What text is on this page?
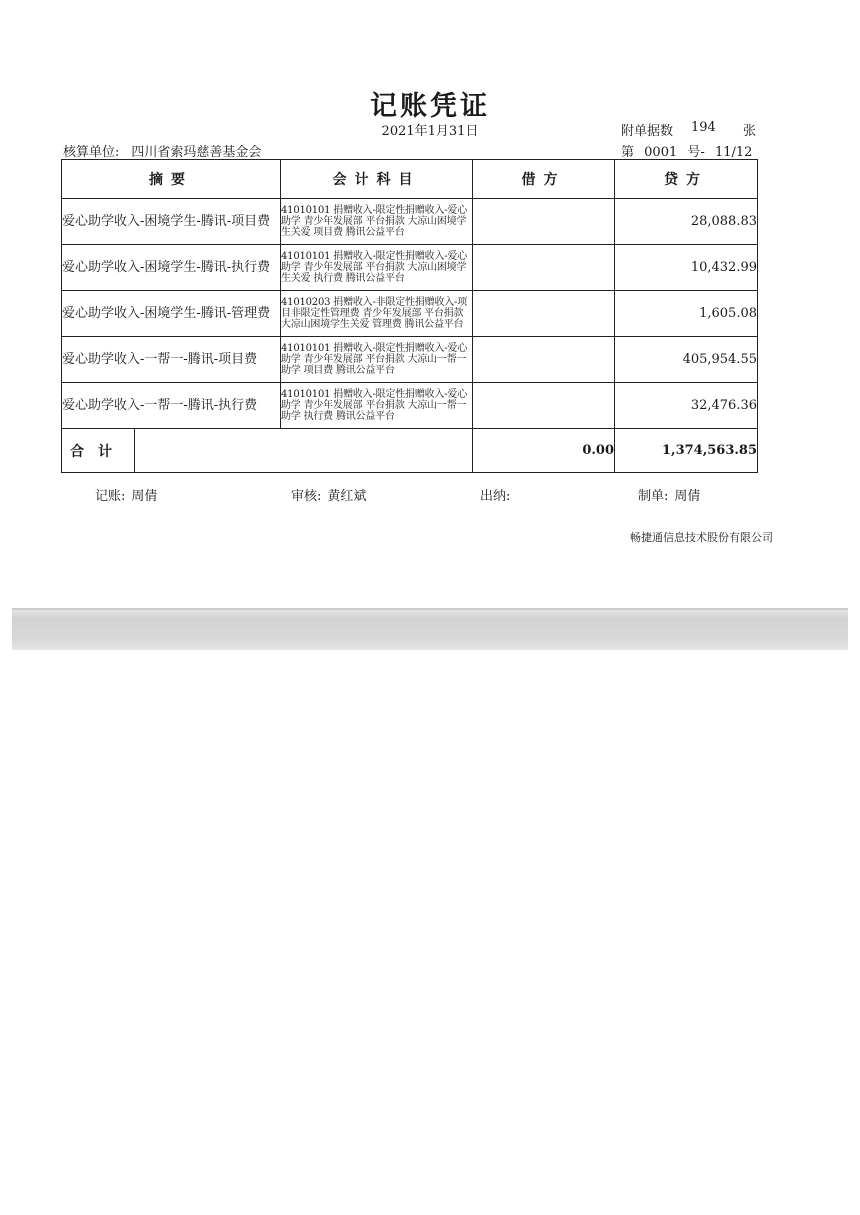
记账凭证
2021年1月31日	附单据数 194 张
核算单位: 四川省索玛慈善基金会	第 0001 号- 11/12
摘要	会计科目	借方	贷方
爱心助学收入-困境学生-腾讯-项目费	41010101 捐赠收入-限定性捐赠收入-爱心助学 青少年发展部 平台捐款 大凉山困境学生关爱 项目费 腾讯公益平台		28,088.83
爱心助学收入-困境学生-腾讯-执行费	41010101 捐赠收入-限定性捐赠收入-爱心助学 青少年发展部 平台捐款 大凉山困境学生关爱 执行费 腾讯公益平台		10,432.99
爱心助学收入-困境学生-腾讯-管理费	41010203 捐赠收入-非限定性捐赠收入-项目非限定性管理费 青少年发展部 平台捐款 大凉山困境学生关爱 管理费 腾讯公益平台		1,605.08
爱心助学收入-一帮一-腾讯-项目费	41010101 捐赠收入-限定性捐赠收入-爱心助学 青少年发展部 平台捐款 大凉山一帮一助学 项目费 腾讯公益平台		405,954.55
爱心助学收入-一帮一-腾讯-执行费	41010101 捐赠收入-限定性捐赠收入-爱心助学 青少年发展部 平台捐款 大凉山一帮一助学 执行费 腾讯公益平台		32,476.36

合计		0.00	1,374,563.85
记账: 周倩	审核: 黄红斌	出纳:	制单: 周倩
畅捷通信息技术股份有限公司
